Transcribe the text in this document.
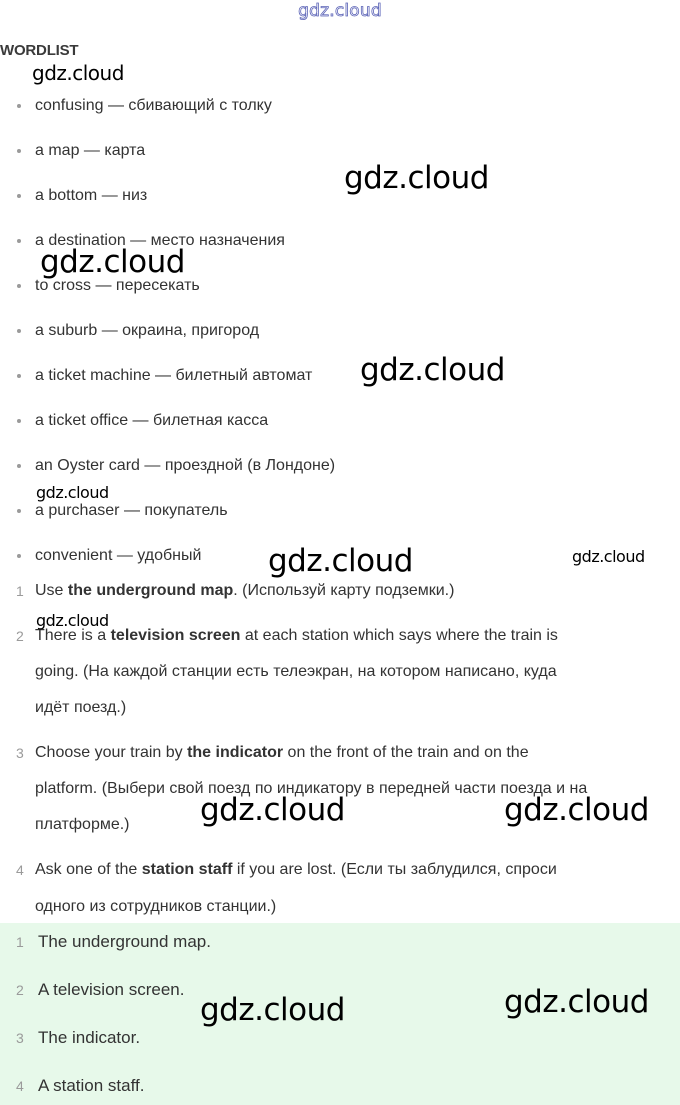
gdz.cloud
WORDLIST
confusing — сбивающий с толку
a map — карта
a bottom — низ
a destination — место назначения
to cross — пересекать
a suburb — окраина, пригород
a ticket machine — билетный автомат
a ticket office — билетная касса
an Oyster card — проездной (в Лондоне)
a purchaser — покупатель
convenient — удобный
1 Use the underground map. (Используй карту подземки.)
2 There is a television screen at each station which says where the train is
going. (На каждой станции есть телеэкран, на котором написано, куда
идёт поезд.)
3 Choose your train by the indicator on the front of the train and on the
platform. (Выбери свой поезд по индикатору в передней части поезда и на
платформе.)
4 Ask one of the station staff if you are lost. (Если ты заблудился, спроси
одного из сотрудников станции.)
1 The underground map.
2 A television screen.
3 The indicator.
4 A station staff.
gdz.cloud
gdz.cloud
gdz.cloud
gdz.cloud
gdz.cloud
gdz.cloud	gdz.cloud
gdz.cloud
gdz.cloud	gdz.cloud
gdz.cloud
gdz.cloud
